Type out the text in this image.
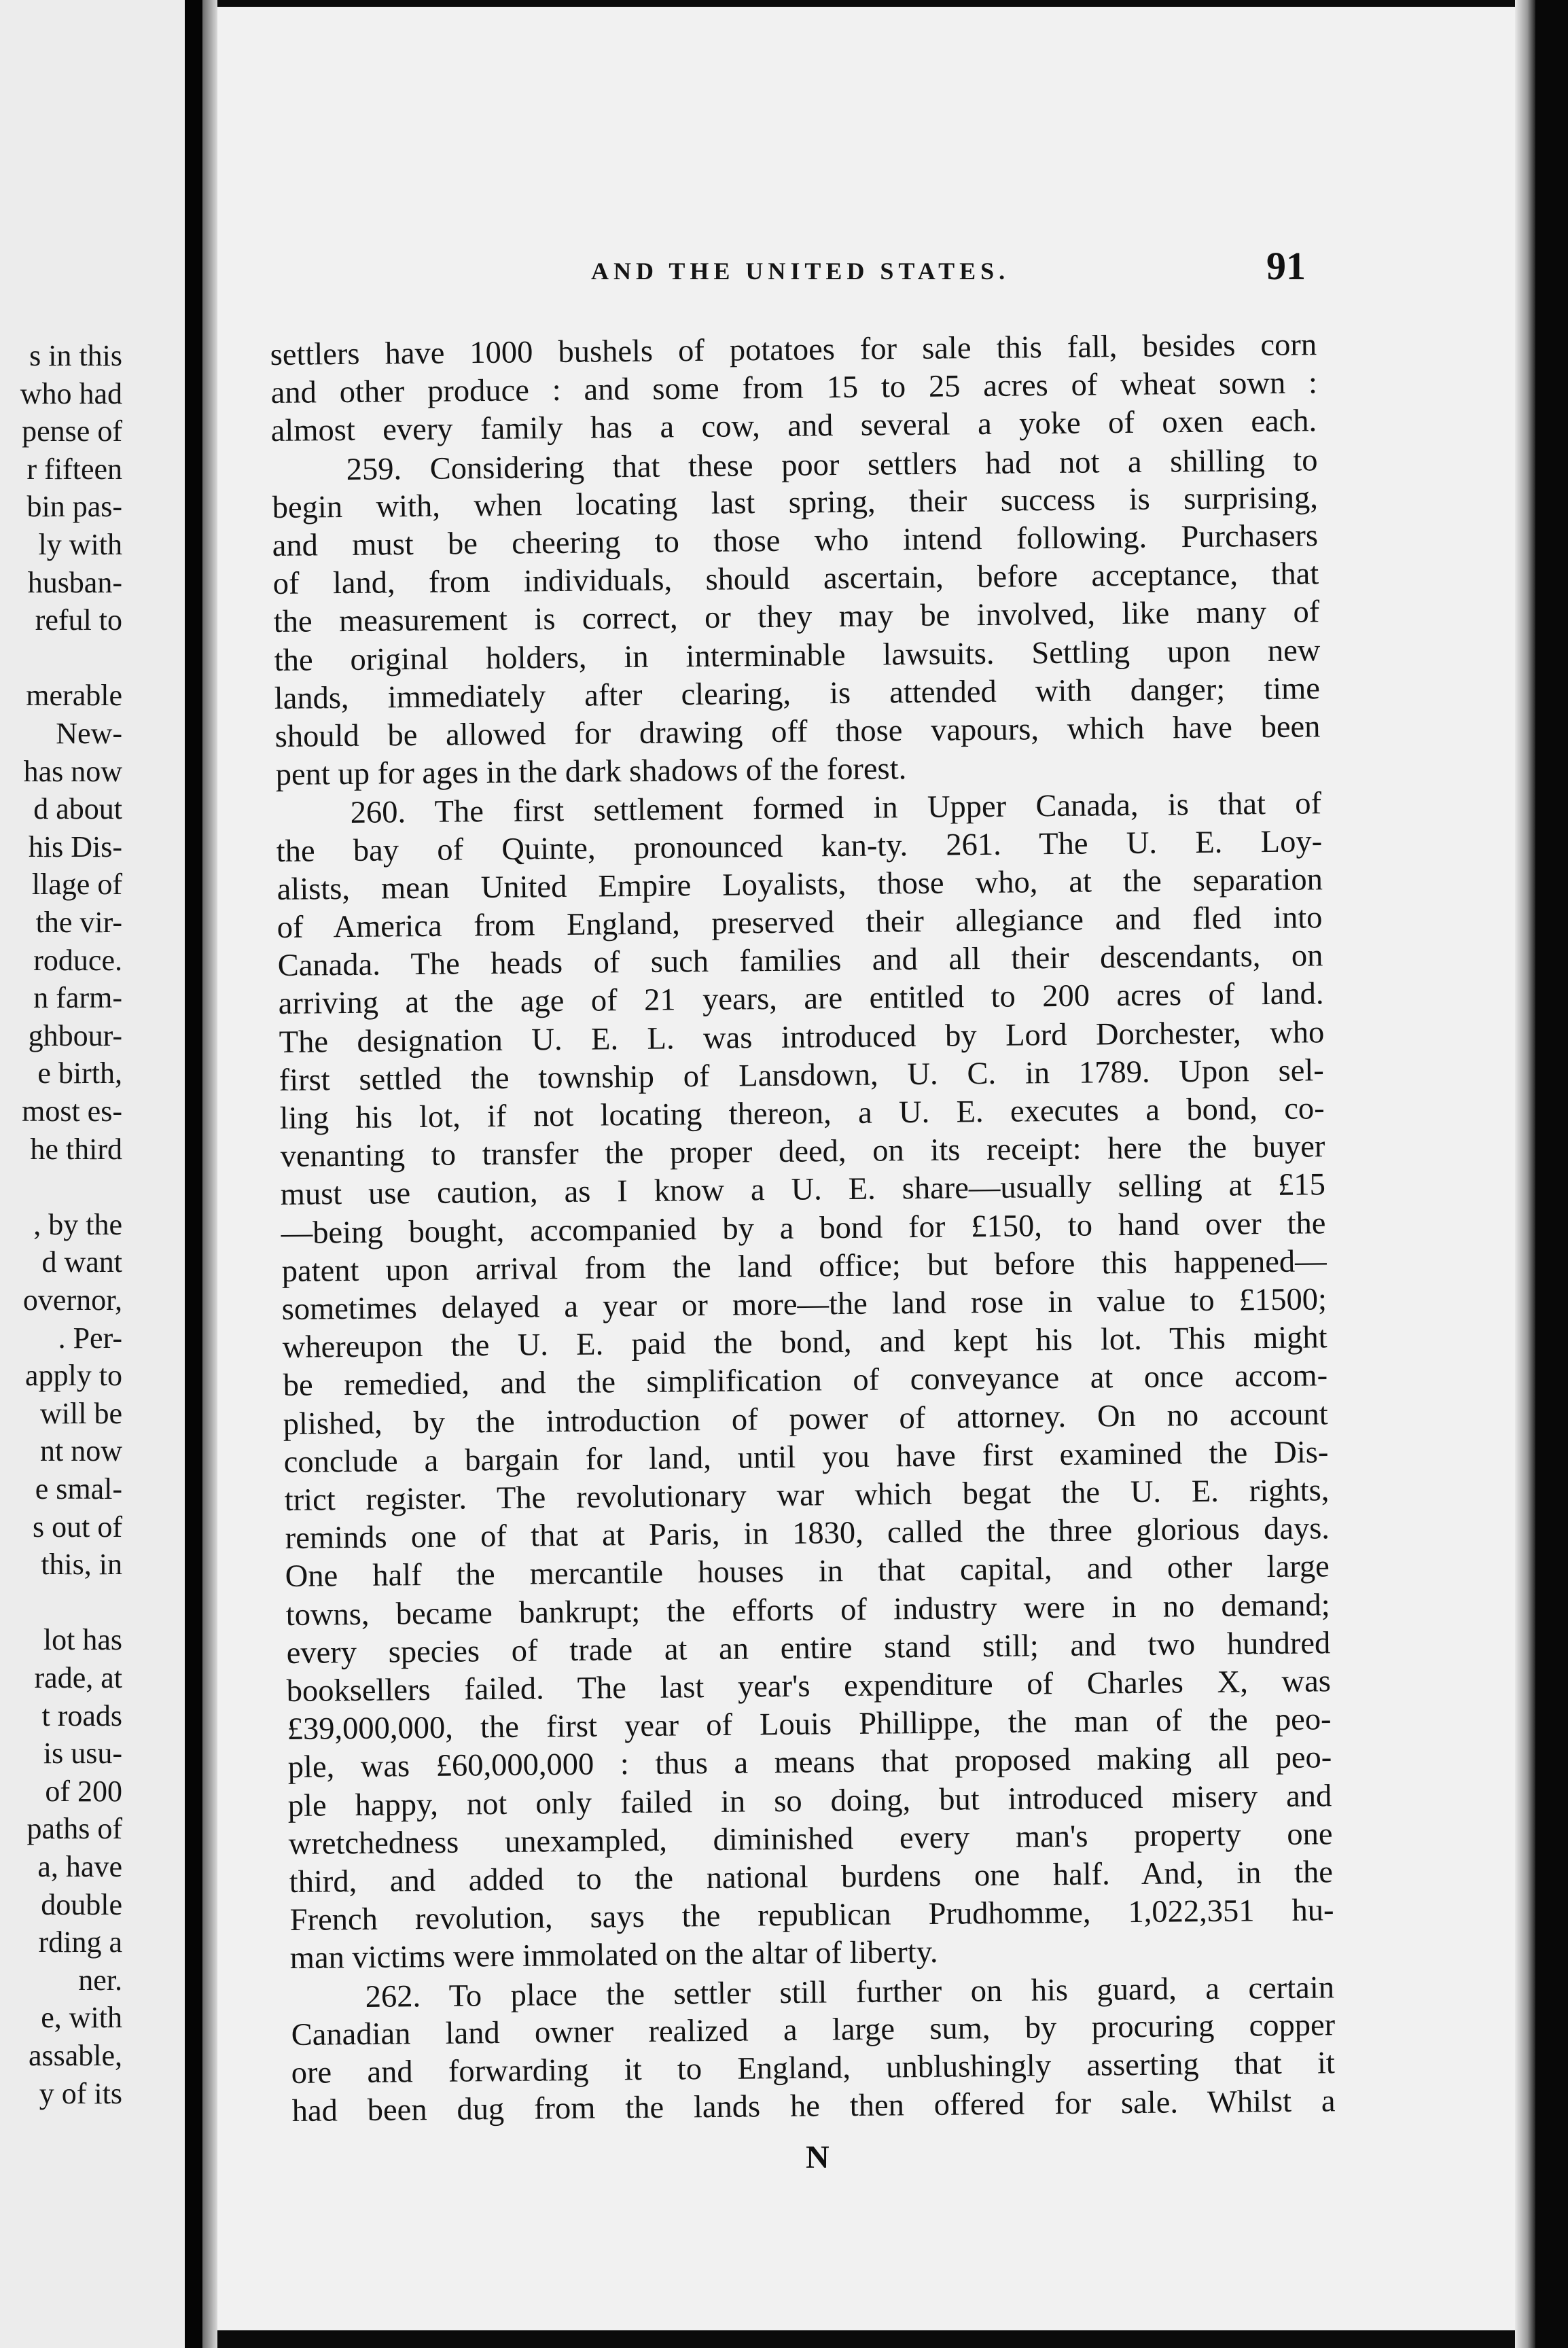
s in this
who had
pense of
r fifteen
bin pas-
ly with
husban-
reful to
merable
New-
has now
d about
his Dis-
llage of
the vir-
roduce.
n farm-
ghbour-
e birth,
most es-
he third
, by the
d want
overnor,
. Per-
apply to
will be
nt now
e smal-
s out of
this, in
lot has
rade, at
t roads
is usu-
of 200
paths of
a, have
double
rding a
ner.
e, with
assable,
y of its
AND THE UNITED STATES.	91
settlers have 1000 bushels of potatoes for sale this fall, besides corn
and other produce : and some from 15 to 25 acres of wheat sown :
almost every family has a cow, and several a yoke of oxen each.
259. Considering that these poor settlers had not a shilling to
begin with, when locating last spring, their success is surprising,
and must be cheering to those who intend following. Purchasers
of land, from individuals, should ascertain, before acceptance, that
the measurement is correct, or they may be involved, like many of
the original holders, in interminable lawsuits. Settling upon new
lands, immediately after clearing, is attended with danger; time
should be allowed for drawing off those vapours, which have been
pent up for ages in the dark shadows of the forest.
260. The first settlement formed in Upper Canada, is that of
the bay of Quinte, pronounced kan-ty. 261. The U. E. Loy-
alists, mean United Empire Loyalists, those who, at the separation
of America from England, preserved their allegiance and fled into
Canada. The heads of such families and all their descendants, on
arriving at the age of 21 years, are entitled to 200 acres of land.
The designation U. E. L. was introduced by Lord Dorchester, who
first settled the township of Lansdown, U. C. in 1789. Upon sel-
ling his lot, if not locating thereon, a U. E. executes a bond, co-
venanting to transfer the proper deed, on its receipt: here the buyer
must use caution, as I know a U. E. share—usually selling at £15
—being bought, accompanied by a bond for £150, to hand over the
patent upon arrival from the land office; but before this happened—
sometimes delayed a year or more—the land rose in value to £1500;
whereupon the U. E. paid the bond, and kept his lot. This might
be remedied, and the simplification of conveyance at once accom-
plished, by the introduction of power of attorney. On no account
conclude a bargain for land, until you have first examined the Dis-
trict register. The revolutionary war which begat the U. E. rights,
reminds one of that at Paris, in 1830, called the three glorious days.
One half the mercantile houses in that capital, and other large
towns, became bankrupt; the efforts of industry were in no demand;
every species of trade at an entire stand still; and two hundred
booksellers failed. The last year's expenditure of Charles X, was
£39,000,000, the first year of Louis Phillippe, the man of the peo-
ple, was £60,000,000 : thus a means that proposed making all peo-
ple happy, not only failed in so doing, but introduced misery and
wretchedness unexampled, diminished every man's property one
third, and added to the national burdens one half. And, in the
French revolution, says the republican Prudhomme, 1,022,351 hu-
man victims were immolated on the altar of liberty.
262. To place the settler still further on his guard, a certain
Canadian land owner realized a large sum, by procuring copper
ore and forwarding it to England, unblushingly asserting that it
had been dug from the lands he then offered for sale. Whilst a
N
